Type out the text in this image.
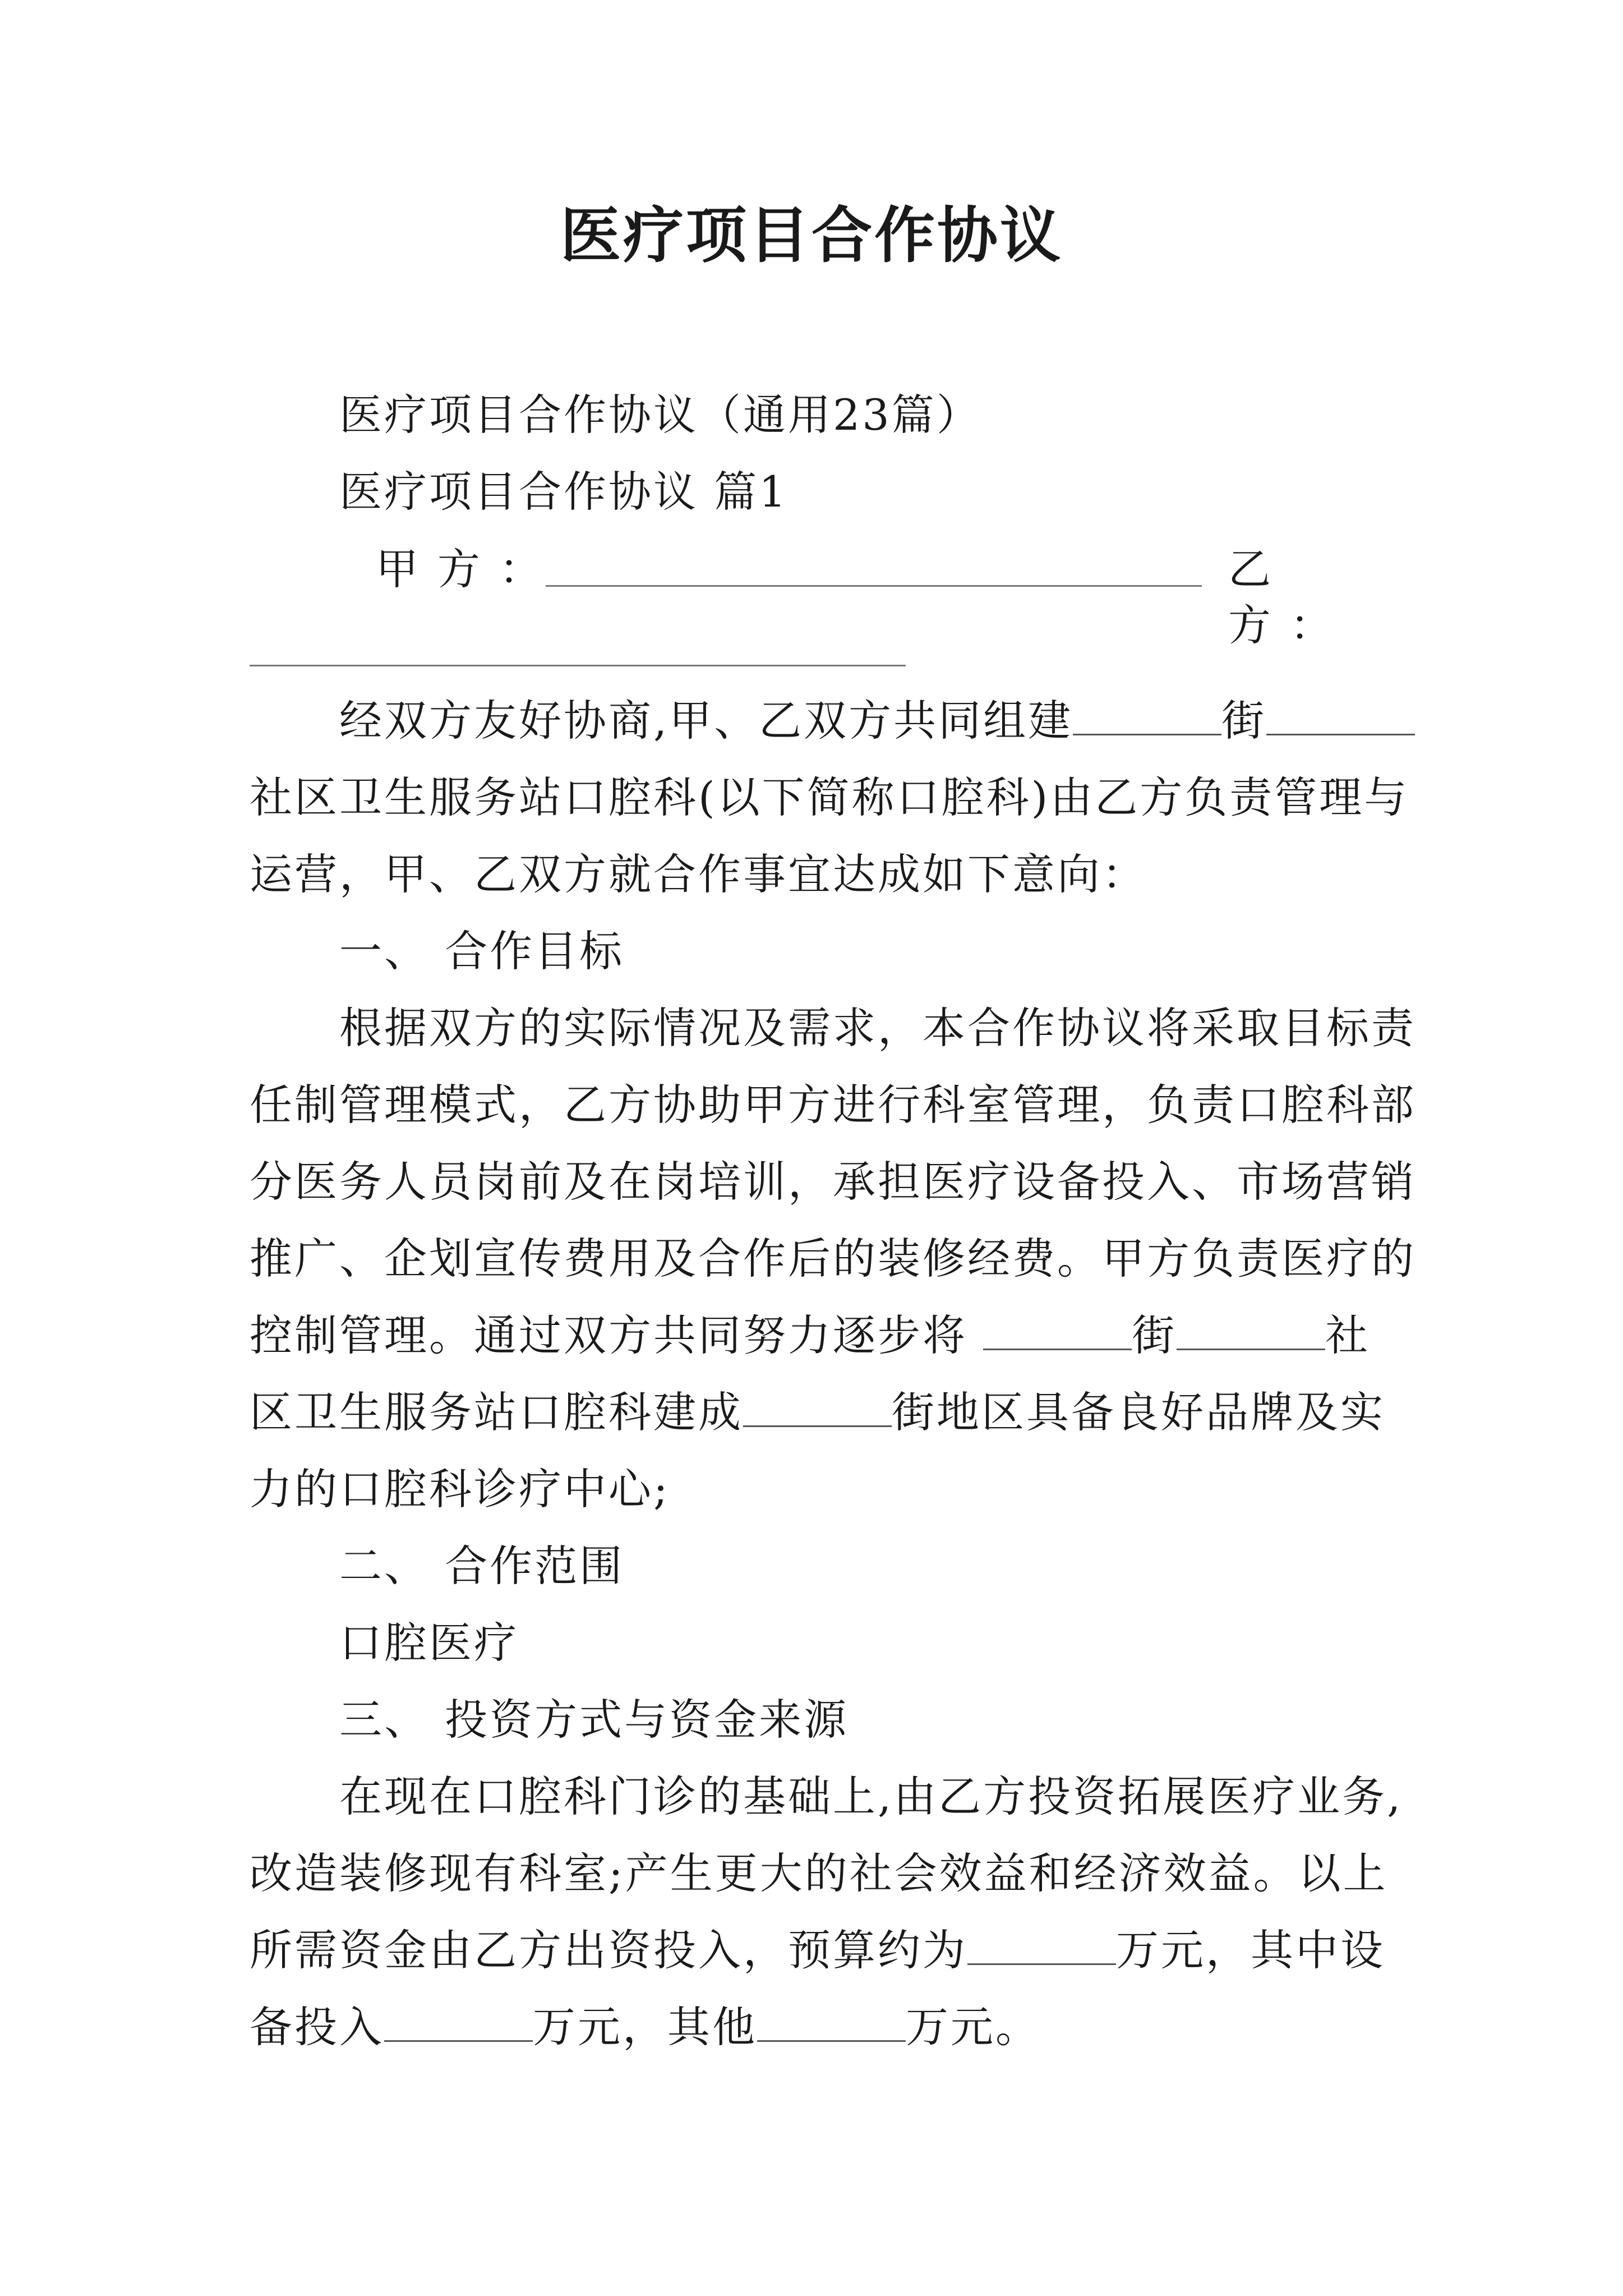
医疗项目合作协议
医疗项目合作协议（通用23篇）
医疗项目合作协议 篇1
甲方：	乙方：
经双方友好协商,甲、乙双方共同组建	街
社区卫生服务站口腔科(以下简称口腔科)由乙方负责管理与
运营，甲、乙双方就合作事宜达成如下意向：
一、 合作目标
根据双方的实际情况及需求，本合作协议将采取目标责
任制管理模式，乙方协助甲方进行科室管理，负责口腔科部
分医务人员岗前及在岗培训，承担医疗设备投入、市场营销
推广、企划宣传费用及合作后的装修经费。甲方负责医疗的
控制管理。通过双方共同努力逐步将	街	社
区卫生服务站口腔科建成	街地区具备良好品牌及实
力的口腔科诊疗中心;
二、 合作范围
口腔医疗
三、 投资方式与资金来源
在现在口腔科门诊的基础上,由乙方投资拓展医疗业务,
改造装修现有科室;产生更大的社会效益和经济效益。以上
所需资金由乙方出资投入，预算约为	万元，其中设
备投入	万元，其他	万元。
